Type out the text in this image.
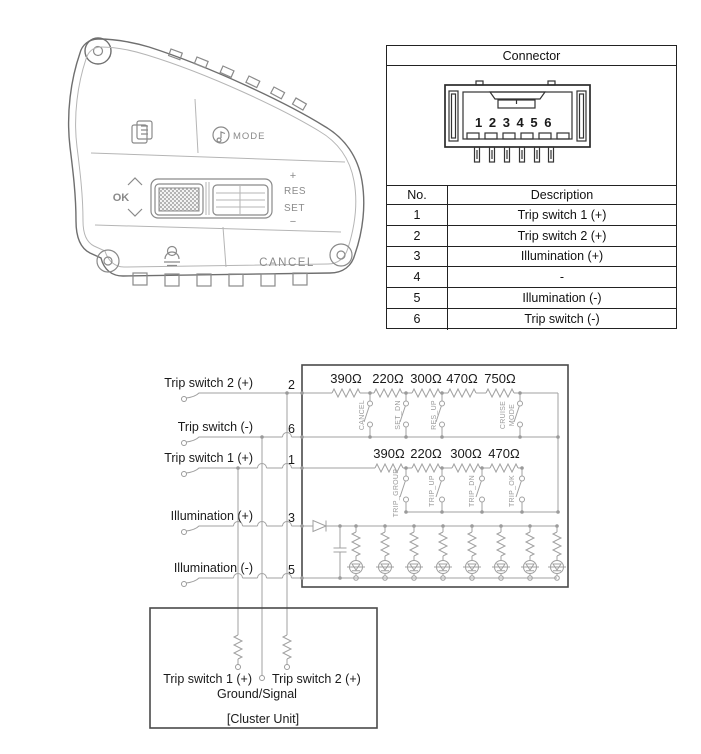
MODE
OK
+
RES
SET
−
CANCEL
Connector
1 2 3 4 5 6
No.	Description
1	Trip switch 1 (+)
2	Trip switch 2 (+)
3	Illumination (+)
4	-
5	Illumination (-)
6	Trip switch (-)
Trip switch 2 (+)
Trip switch (-)
Trip switch 1 (+)
Illumination (+)
Illumination (-)
2
6
1
3
5
390Ω 220Ω 300Ω 470Ω 750Ω
CANCEL	SET_DN	RES_UP	CRUISE MODE
390Ω 220Ω 300Ω 470Ω
TRIP_GROUP	TRIP_UP	TRIP_DN	TRIP_OK
Trip switch 1 (+) Trip switch 2 (+)
Ground/Signal
[Cluster Unit]
